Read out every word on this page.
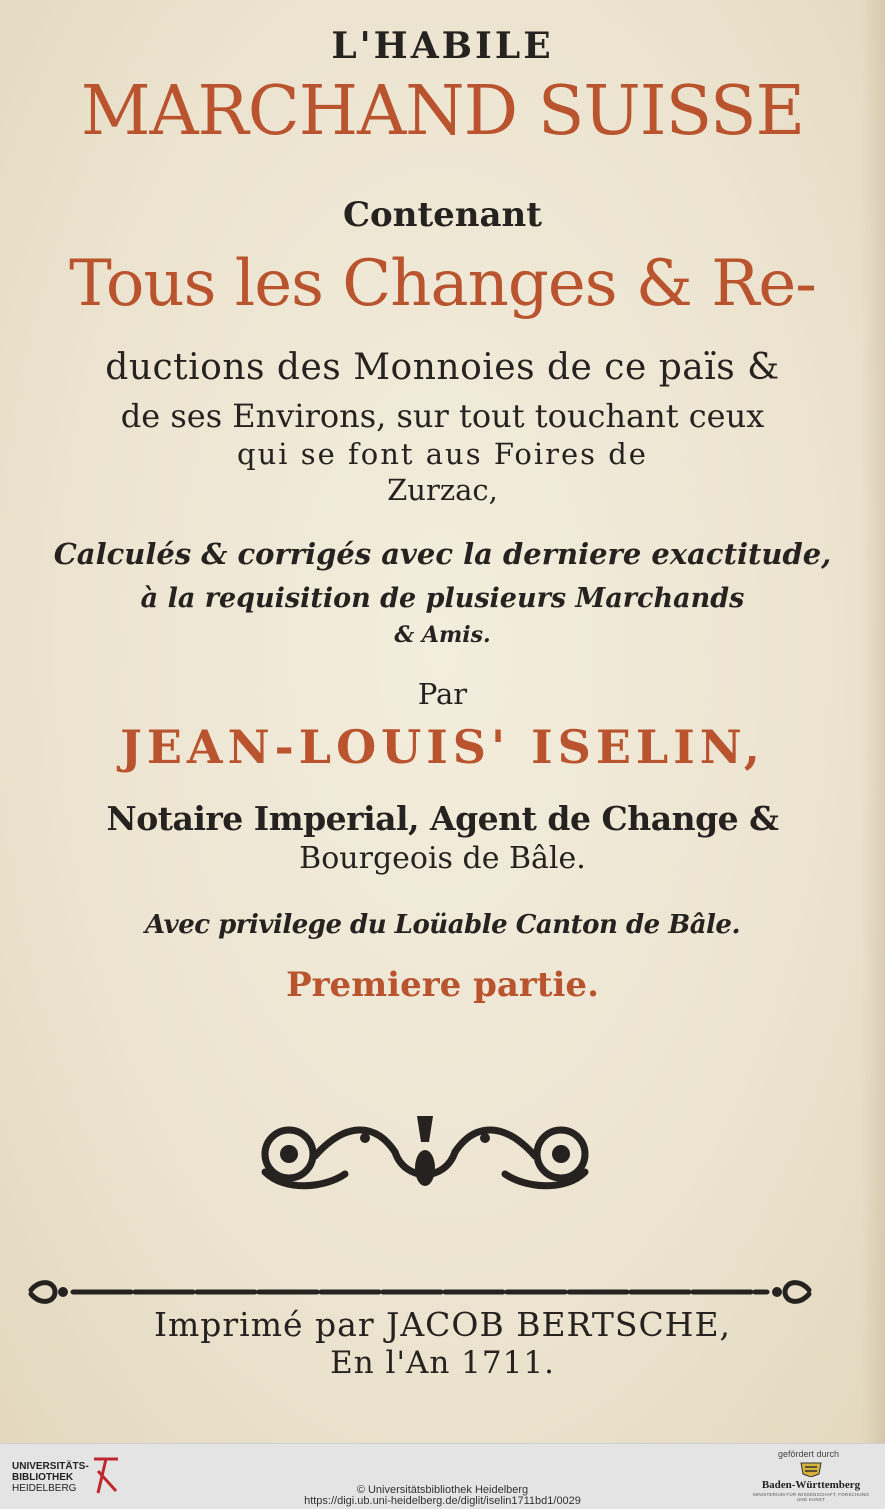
L'HABILE
MARCHAND SUISSE
Contenant
Tous les Changes & Re-
ductions des Monnoies de ce païs &
de ses Environs, sur tout touchant ceux
qui se font aus Foires de
Zurzac,
Calculés & corrigés avec la derniere exactitude,
à la requisition de plusieurs Marchands
& Amis.
Par
JEAN-LOUIS' ISELIN,
Notaire Imperial, Agent de Change &
Bourgeois de Bâle.
Avec privilege du Loüable Canton de Bâle.
Premiere partie.
Imprimé par JACOB BERTSCHE,
En l'An 1711.
UNIVERSITÄTS-
BIBLIOTHEK
HEIDELBERG	© Universitätsbibliothek Heidelberg
https://digi.ub.uni-heidelberg.de/diglit/iselin1711bd1/0029
gefördert durch
Baden-Württemberg
MINISTERIUM FÜR WISSENSCHAFT, FORSCHUNG UND KUNST
